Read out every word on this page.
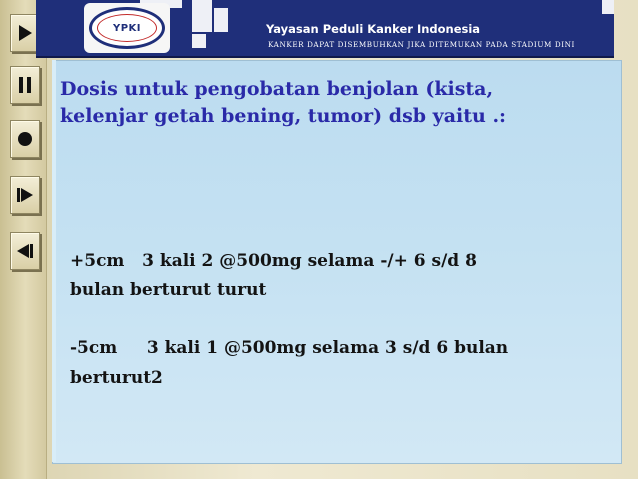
YPKI	Yayasan Peduli Kanker Indonesia
KANKER DAPAT DISEMBUHKAN JIKA DITEMUKAN PADA STADIUM DINI
Dosis untuk pengobatan benjolan (kista,
kelenjar getah bening, tumor) dsb yaitu .:
+5cm   3 kali 2 @500mg selama -/+ 6 s/d 8
bulan berturut turut
-5cm     3 kali 1 @500mg selama 3 s/d 6 bulan
berturut2
